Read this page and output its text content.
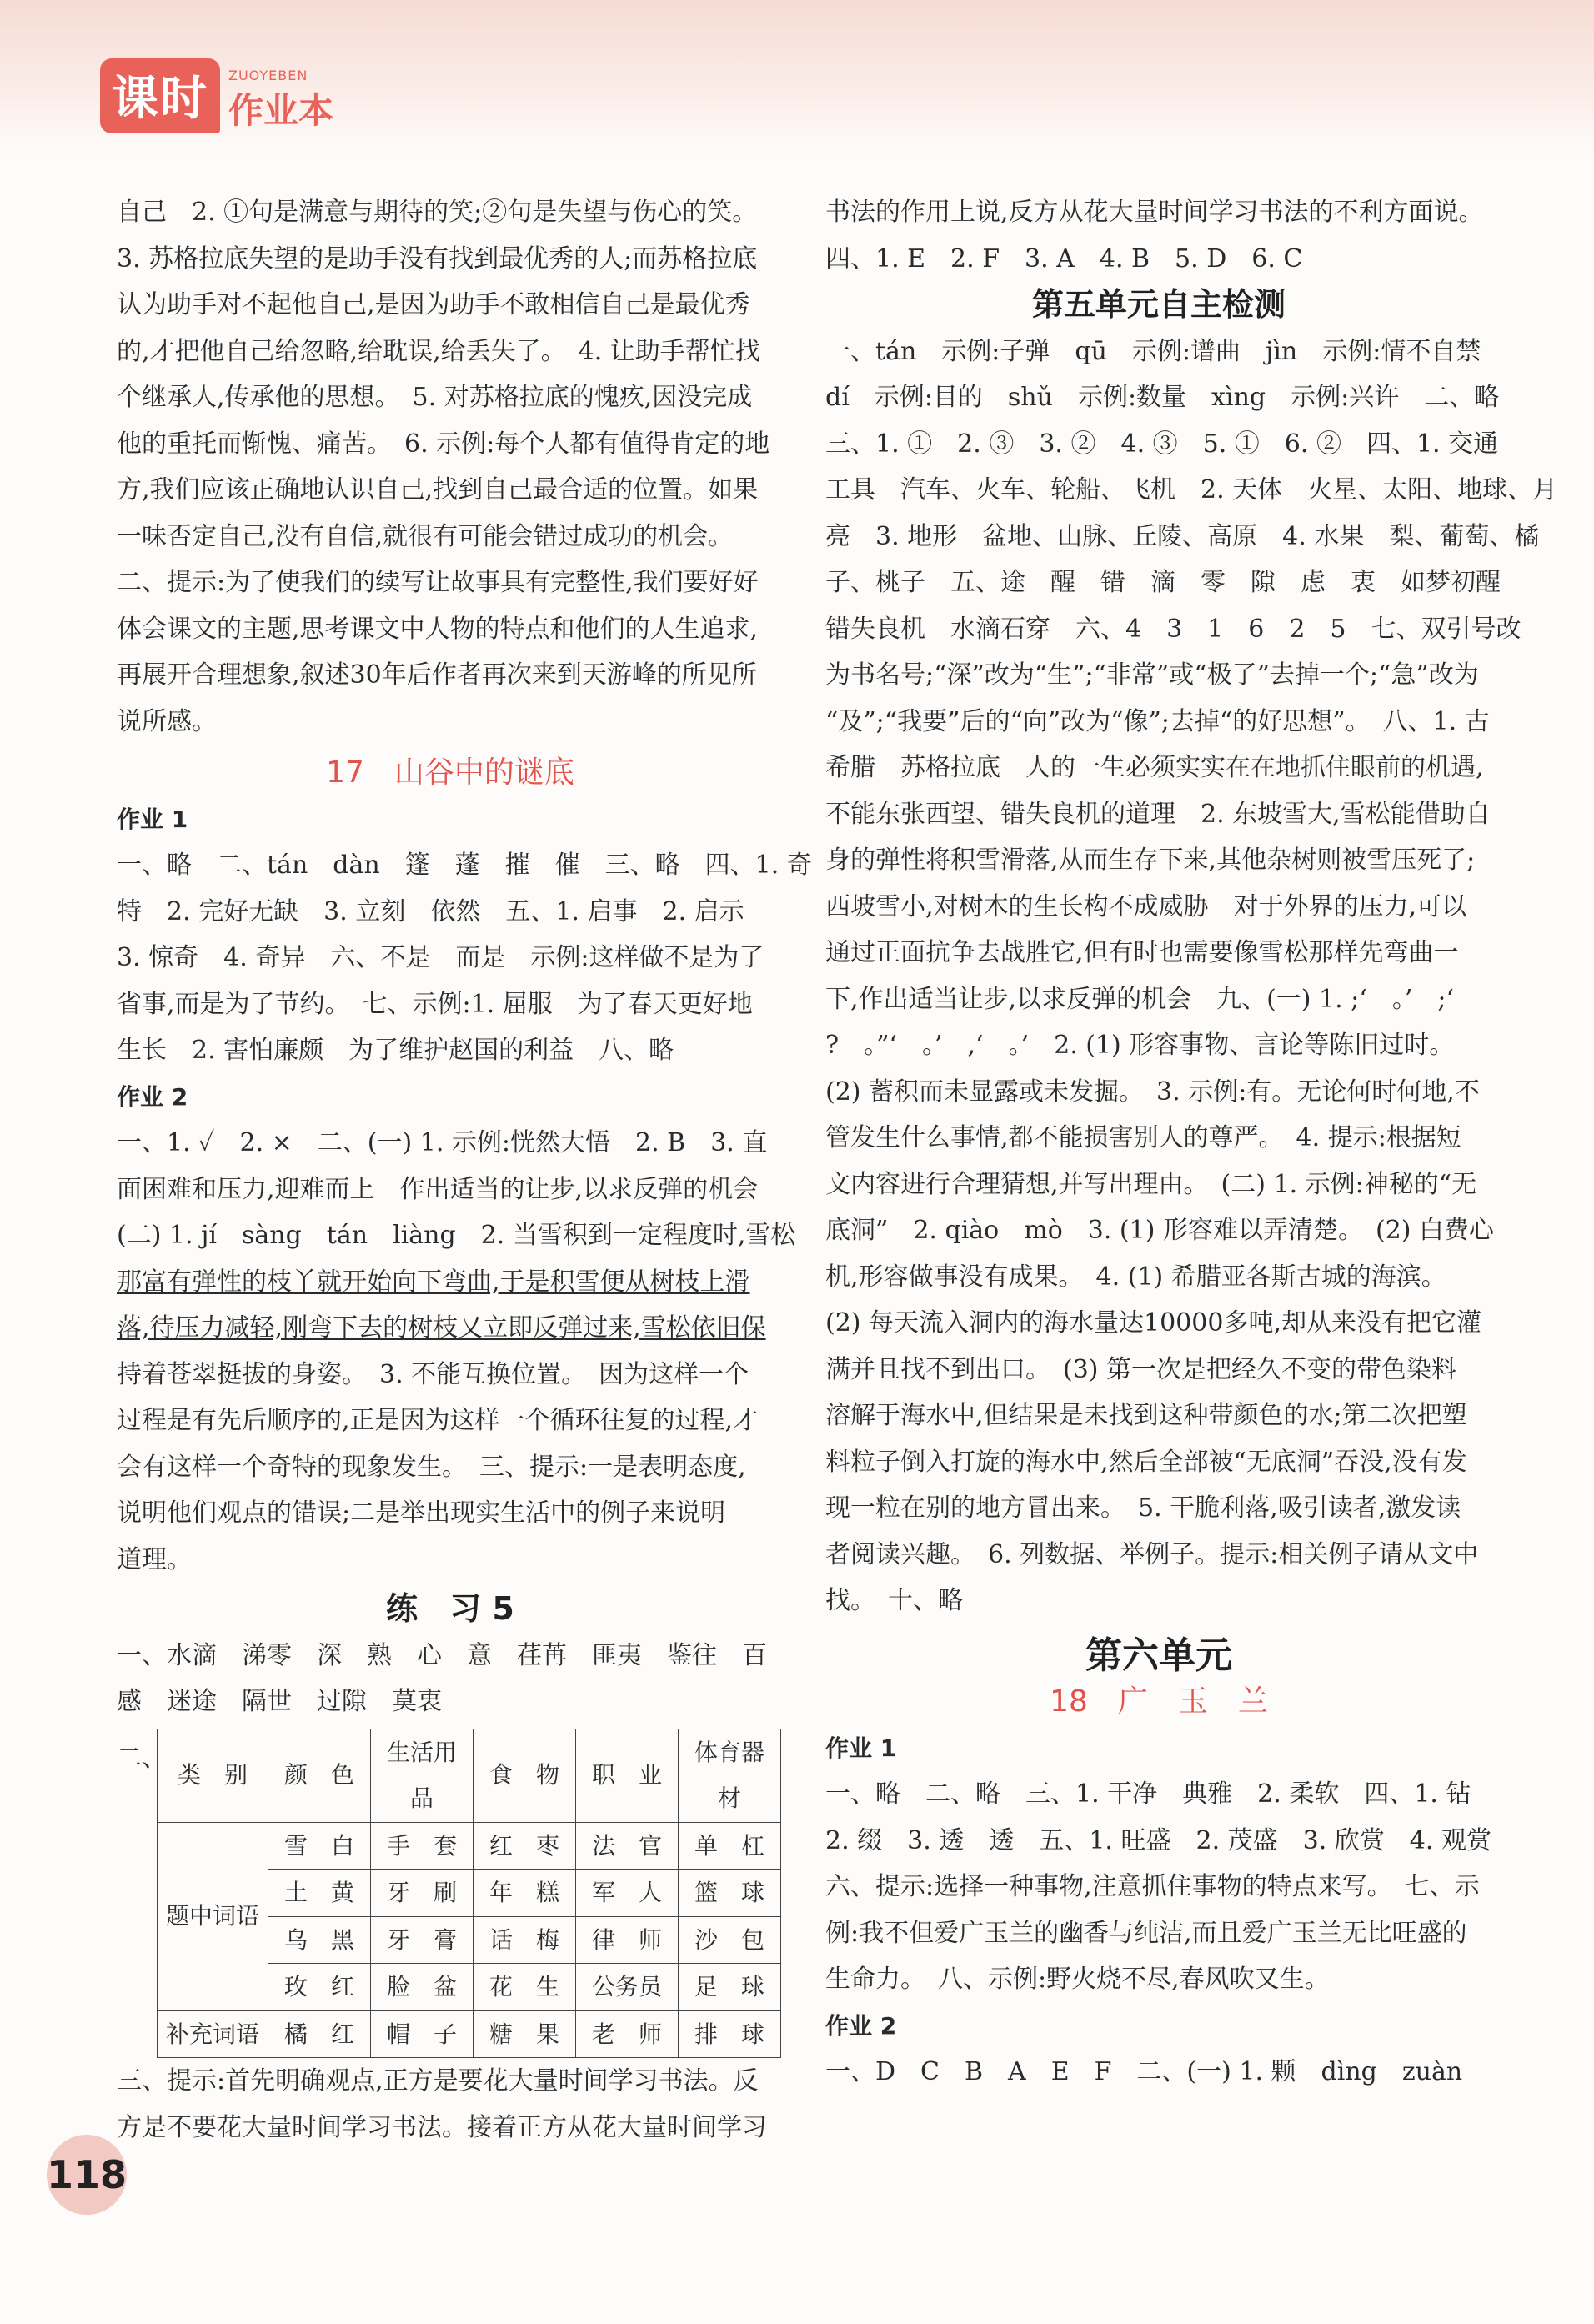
课时	ZUOYEBEN
作业本
自己　2. ①句是满意与期待的笑;②句是失望与伤心的笑。
3. 苏格拉底失望的是助手没有找到最优秀的人;而苏格拉底
认为助手对不起他自己,是因为助手不敢相信自己是最优秀
的,才把他自己给忽略,给耽误,给丢失了。　4. 让助手帮忙找
个继承人,传承他的思想。　5. 对苏格拉底的愧疚,因没完成
他的重托而惭愧、痛苦。　6. 示例:每个人都有值得肯定的地
方,我们应该正确地认识自己,找到自己最合适的位置。如果
一味否定自己,没有自信,就很有可能会错过成功的机会。
二、提示:为了使我们的续写让故事具有完整性,我们要好好
体会课文的主题,思考课文中人物的特点和他们的人生追求,
再展开合理想象,叙述30年后作者再次来到天游峰的所见所
说所感。
17　山谷中的谜底
作业 1
一、略　二、tán　dàn　篷　蓬　摧　催　三、略　四、1. 奇
特　2. 完好无缺　3. 立刻　依然　五、1. 启事　2. 启示
3. 惊奇　4. 奇异　六、不是　而是　示例:这样做不是为了
省事,而是为了节约。　七、示例:1. 屈服　为了春天更好地
生长　2. 害怕廉颇　为了维护赵国的利益　八、略
作业 2
一、1. ✓　2. ×　二、(一) 1. 示例:恍然大悟　2. B　3. 直
面困难和压力,迎难而上　作出适当的让步,以求反弹的机会
(二) 1. jí　sàng　tán　liàng　2. 当雪积到一定程度时,雪松
那富有弹性的枝丫就开始向下弯曲,于是积雪便从树枝上滑
落,待压力减轻,刚弯下去的树枝又立即反弹过来,雪松依旧保
持着苍翠挺拔的身姿。　3. 不能互换位置。　因为这样一个
过程是有先后顺序的,正是因为这样一个循环往复的过程,才
会有这样一个奇特的现象发生。　三、提示:一是表明态度,
说明他们观点的错误;二是举出现实生活中的例子来说明
道理。
练　习 5
一、水滴　涕零　深　熟　心　意　荏苒　匪夷　鉴往　百
感　迷途　隔世　过隙　莫衷
二、
类　别	颜　色	生活用品	食　物	职　业	体育器材
题中词语	雪　白	手　套	红　枣	法　官	单　杠
	土　黄	牙　刷	年　糕	军　人	篮　球
	乌　黑	牙　膏	话　梅	律　师	沙　包
	玫　红	脸　盆	花　生	公务员	足　球
补充词语	橘　红	帽　子	糖　果	老　师	排　球
三、提示:首先明确观点,正方是要花大量时间学习书法。反
方是不要花大量时间学习书法。接着正方从花大量时间学习
书法的作用上说,反方从花大量时间学习书法的不利方面说。
四、1. E　2. F　3. A　4. B　5. D　6. C
第五单元自主检测
一、tán　示例:子弹　qū　示例:谱曲　jìn　示例:情不自禁
dí　示例:目的　shǔ　示例:数量　xìng　示例:兴许　二、略
三、1. ①　2. ③　3. ②　4. ③　5. ①　6. ②　四、1. 交通
工具　汽车、火车、轮船、飞机　2. 天体　火星、太阳、地球、月
亮　3. 地形　盆地、山脉、丘陵、高原　4. 水果　梨、葡萄、橘
子、桃子　五、途　醒　错　滴　零　隙　虑　衷　如梦初醒
错失良机　水滴石穿　六、4　3　1　6　2　5　七、双引号改
为书名号;“深”改为“生”;“非常”或“极了”去掉一个;“急”改为
“及”;“我要”后的“向”改为“像”;去掉“的好思想”。　八、1. 古
希腊　苏格拉底　人的一生必须实实在在地抓住眼前的机遇,
不能东张西望、错失良机的道理　2. 东坡雪大,雪松能借助自
身的弹性将积雪滑落,从而生存下来,其他杂树则被雪压死了;
西坡雪小,对树木的生长构不成威胁　对于外界的压力,可以
通过正面抗争去战胜它,但有时也需要像雪松那样先弯曲一
下,作出适当让步,以求反弹的机会　九、(一) 1. ;‘　。’　;‘
?　。”‘　。’　,‘　。’　2. (1) 形容事物、言论等陈旧过时。
(2) 蓄积而未显露或未发掘。　3. 示例:有。无论何时何地,不
管发生什么事情,都不能损害别人的尊严。　4. 提示:根据短
文内容进行合理猜想,并写出理由。　(二) 1. 示例:神秘的“无
底洞”　2. qiào　mò　3. (1) 形容难以弄清楚。　(2) 白费心
机,形容做事没有成果。　4. (1) 希腊亚各斯古城的海滨。
(2) 每天流入洞内的海水量达10000多吨,却从来没有把它灌
满并且找不到出口。　(3) 第一次是把经久不变的带色染料
溶解于海水中,但结果是未找到这种带颜色的水;第二次把塑
料粒子倒入打旋的海水中,然后全部被“无底洞”吞没,没有发
现一粒在别的地方冒出来。　5. 干脆利落,吸引读者,激发读
者阅读兴趣。　6. 列数据、举例子。提示:相关例子请从文中
找。　十、略
第六单元
18　广　玉　兰
作业 1
一、略　二、略　三、1. 干净　典雅　2. 柔软　四、1. 钻
2. 缀　3. 透　透　五、1. 旺盛　2. 茂盛　3. 欣赏　4. 观赏
六、提示:选择一种事物,注意抓住事物的特点来写。　七、示
例:我不但爱广玉兰的幽香与纯洁,而且爱广玉兰无比旺盛的
生命力。　八、示例:野火烧不尽,春风吹又生。
作业 2
一、D　C　B　A　E　F　二、(一) 1. 颗　dìng　zuàn
118
